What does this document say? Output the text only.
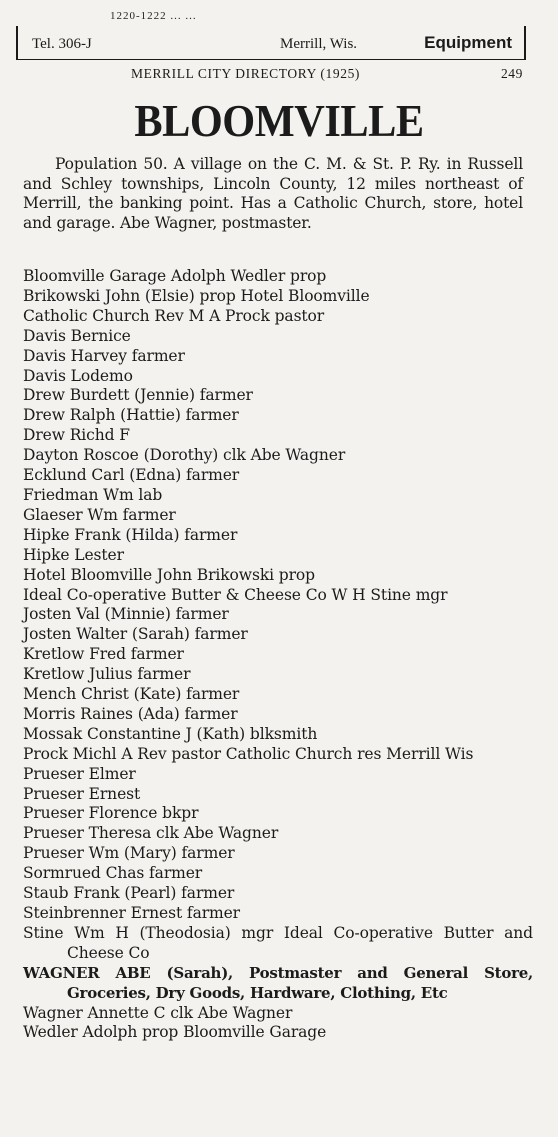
1220-1222 ... ...
Tel. 306-J	Merrill, Wis.	Equipment
MERRILL CITY DIRECTORY (1925)	249
BLOOMVILLE

Population 50. A village on the C. M. & St. P. Ry. in Russell and Schley townships, Lincoln County, 12 miles northeast of Merrill, the banking point. Has a Catholic Church, store, hotel and garage. Abe Wagner, postmaster.

Bloomville Garage Adolph Wedler prop
Brikowski John (Elsie) prop Hotel Bloomville
Catholic Church Rev M A Prock pastor
Davis Bernice
Davis Harvey farmer
Davis Lodemo
Drew Burdett (Jennie) farmer
Drew Ralph (Hattie) farmer
Drew Richd F
Dayton Roscoe (Dorothy) clk Abe Wagner
Ecklund Carl (Edna) farmer
Friedman Wm lab
Glaeser Wm farmer
Hipke Frank (Hilda) farmer
Hipke Lester
Hotel Bloomville John Brikowski prop
Ideal Co-operative Butter & Cheese Co W H Stine mgr
Josten Val (Minnie) farmer
Josten Walter (Sarah) farmer
Kretlow Fred farmer
Kretlow Julius farmer
Mench Christ (Kate) farmer
Morris Raines (Ada) farmer
Mossak Constantine J (Kath) blksmith
Prock Michl A Rev pastor Catholic Church res Merrill Wis
Prueser Elmer
Prueser Ernest
Prueser Florence bkpr
Prueser Theresa clk Abe Wagner
Prueser Wm (Mary) farmer
Sormrued Chas farmer
Staub Frank (Pearl) farmer
Steinbrenner Ernest farmer
Stine Wm H (Theodosia) mgr Ideal Co-operative Butter and Cheese Co
WAGNER ABE (Sarah), Postmaster and General Store, Groceries, Dry Goods, Hardware, Clothing, Etc
Wagner Annette C clk Abe Wagner
Wedler Adolph prop Bloomville Garage
